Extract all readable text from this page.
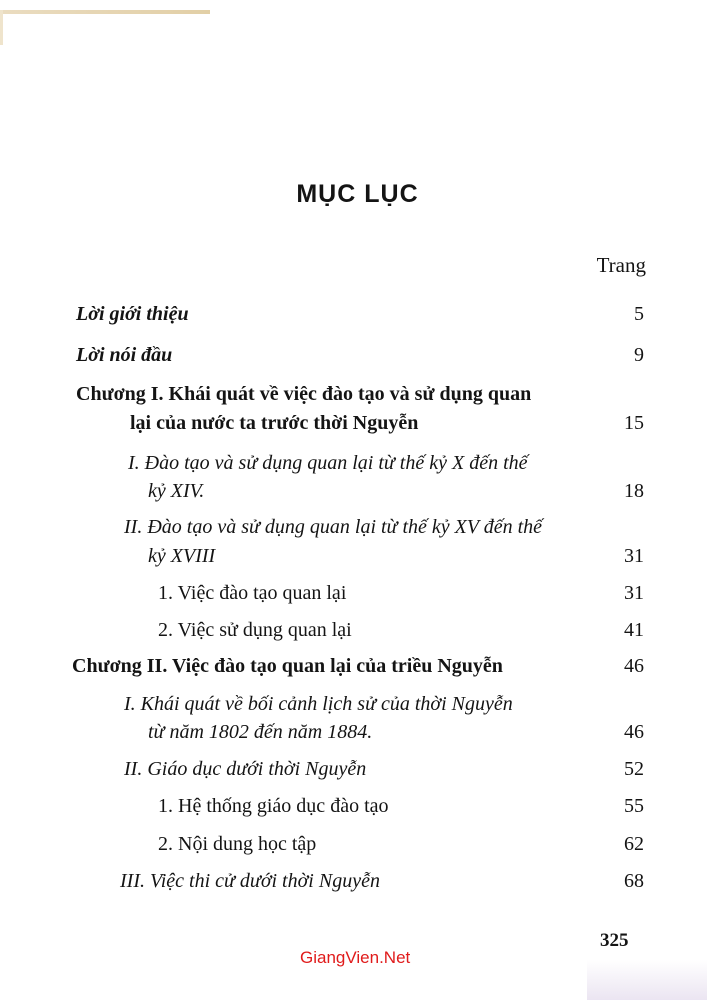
MỤC LỤC
Trang
Lời giới thiệu	5
Lời nói đầu	9
Chương I. Khái quát về việc đào tạo và sử dụng quan
lại của nước ta trước thời Nguyễn	15
I. Đào tạo và sử dụng quan lại từ thế kỷ X đến thế
kỷ XIV.	18
II. Đào tạo và sử dụng quan lại từ thế kỷ XV đến thế
kỷ XVIII	31
1. Việc đào tạo quan lại	31
2. Việc sử dụng quan lại	41
Chương II. Việc đào tạo quan lại của triều Nguyễn	46
I. Khái quát về bối cảnh lịch sử của thời Nguyễn
từ năm 1802 đến năm 1884.	46
II. Giáo dục dưới thời Nguyễn	52
1. Hệ thống giáo dục đào tạo	55
2. Nội dung học tập	62
III. Việc thi cử dưới thời Nguyễn	68
325
GiangVien.Net
